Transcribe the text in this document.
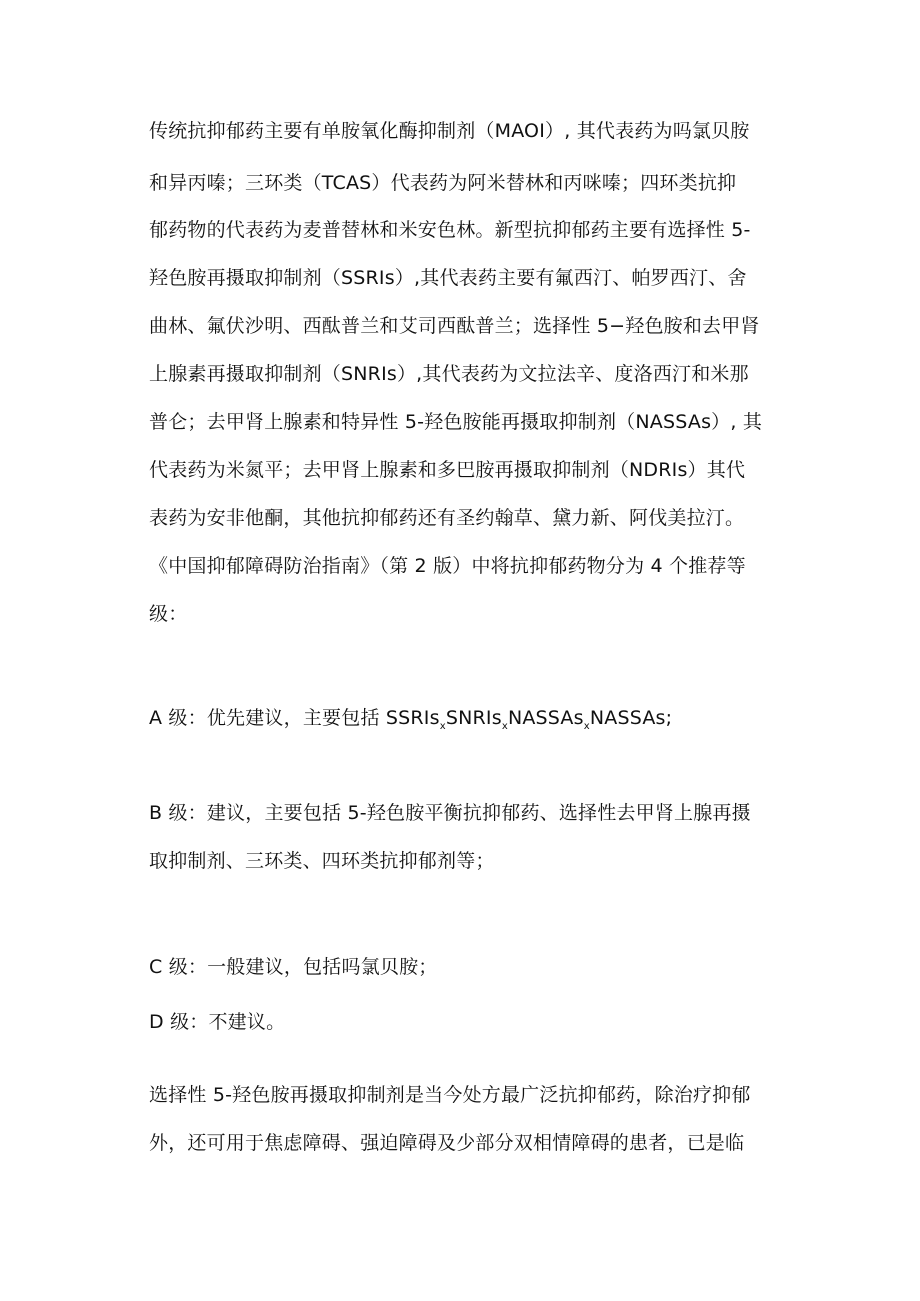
传统抗抑郁药主要有单胺氧化酶抑制剂（MAOI）, 其代表药为吗氯贝胺
和异丙嗪；三环类（TCAS）代表药为阿米替林和丙咪嗪；四环类抗抑
郁药物的代表药为麦普替林和米安色林。新型抗抑郁药主要有选择性 5-
羟色胺再摄取抑制剂（SSRIs）,其代表药主要有氟西汀、帕罗西汀、舍
曲林、氟伏沙明、西酞普兰和艾司西酞普兰；选择性 5−羟色胺和去甲肾
上腺素再摄取抑制剂（SNRIs）,其代表药为文拉法辛、度洛西汀和米那
普仑；去甲肾上腺素和特异性 5-羟色胺能再摄取抑制剂（NASSAs）, 其
代表药为米氮平；去甲肾上腺素和多巴胺再摄取抑制剂（NDRIs）其代
表药为安非他酮，其他抗抑郁药还有圣约翰草、黛力新、阿伐美拉汀。
《中国抑郁障碍防治指南》（第 2 版）中将抗抑郁药物分为 4 个推荐等
级：
A 级：优先建议，主要包括 SSRIs$_x$SNRIs$_x$NASSAs$_x$NASSAs;
B 级：建议，主要包括 5-羟色胺平衡抗抑郁药、选择性去甲肾上腺再摄
取抑制剂、三环类、四环类抗抑郁剂等；
C 级：一般建议，包括吗氯贝胺；
D 级：不建议。
选择性 5-羟色胺再摄取抑制剂是当今处方最广泛抗抑郁药，除治疗抑郁
外，还可用于焦虑障碍、强迫障碍及少部分双相情障碍的患者，已是临
